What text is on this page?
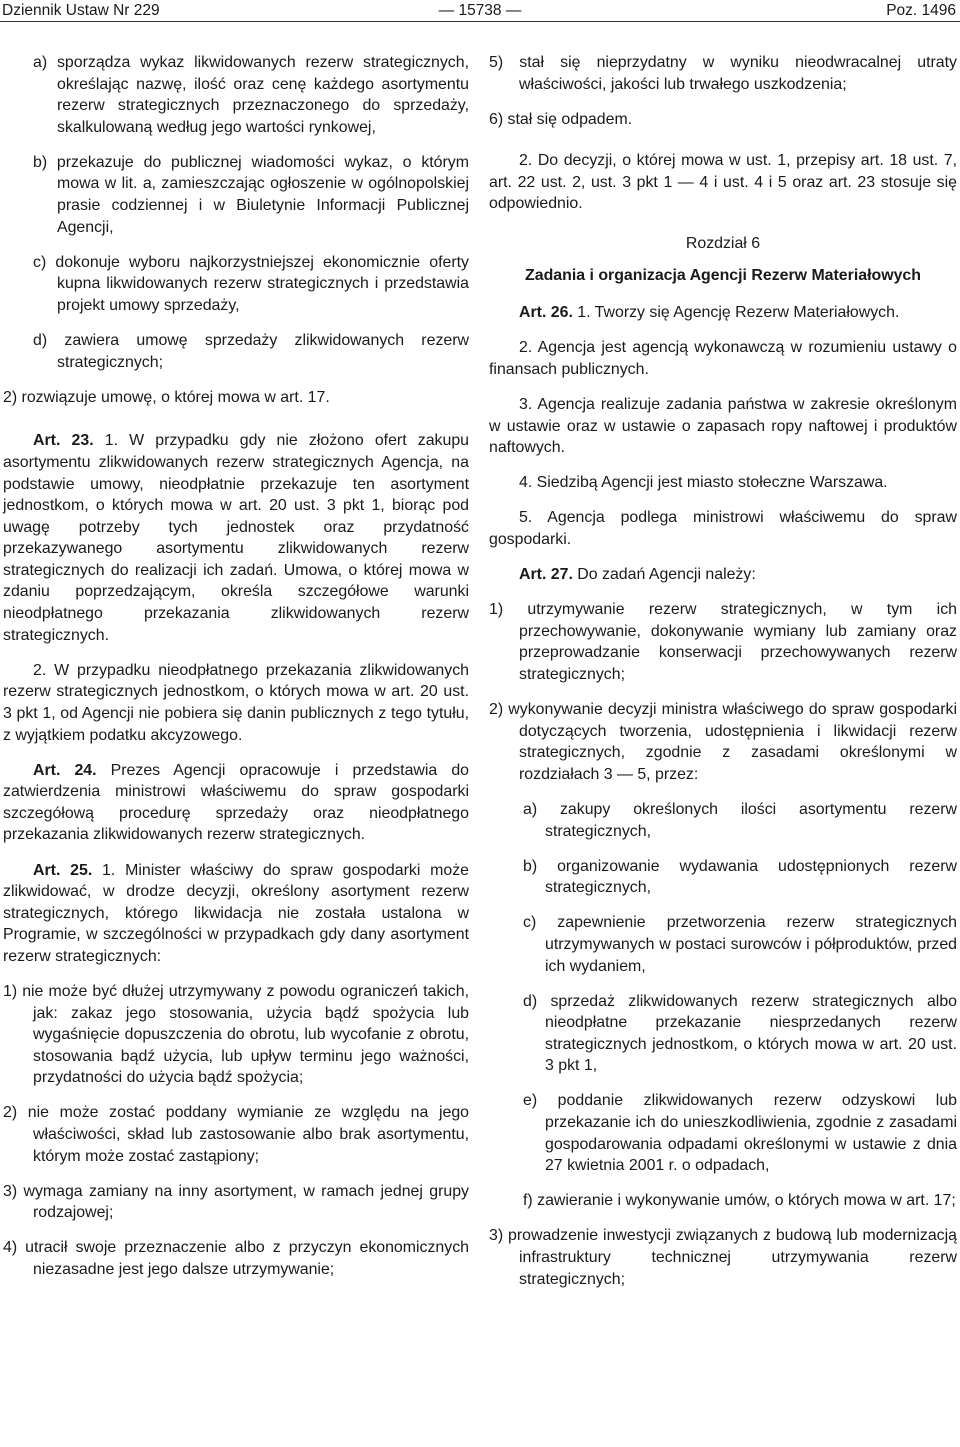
Dziennik Ustaw Nr 229	— 15738 —	Poz. 1496

a) sporządza wykaz likwidowanych rezerw strategicznych, określając nazwę, ilość oraz cenę każdego asortymentu rezerw strategicznych przeznaczonego do sprzedaży, skalkulowaną według jego wartości rynkowej,

b) przekazuje do publicznej wiadomości wykaz, o którym mowa w lit. a, zamieszczając ogłoszenie w ogólnopolskiej prasie codziennej i w Biuletynie Informacji Publicznej Agencji,

c) dokonuje wyboru najkorzystniejszej ekonomicznie oferty kupna likwidowanych rezerw strategicznych i przedstawia projekt umowy sprzedaży,

d) zawiera umowę sprzedaży zlikwidowanych rezerw strategicznych;

2) rozwiązuje umowę, o której mowa w art. 17.

Art. 23. 1. W przypadku gdy nie złożono ofert zakupu asortymentu zlikwidowanych rezerw strategicznych Agencja, na podstawie umowy, nieodpłatnie przekazuje ten asortyment jednostkom, o których mowa w art. 20 ust. 3 pkt 1, biorąc pod uwagę potrzeby tych jednostek oraz przydatność przekazywanego asortymentu zlikwidowanych rezerw strategicznych do realizacji ich zadań. Umowa, o której mowa w zdaniu poprzedzającym, określa szczegółowe warunki nieodpłatnego przekazania zlikwidowanych rezerw strategicznych.

2. W przypadku nieodpłatnego przekazania zlikwidowanych rezerw strategicznych jednostkom, o których mowa w art. 20 ust. 3 pkt 1, od Agencji nie pobiera się danin publicznych z tego tytułu, z wyjątkiem podatku akcyzowego.

Art. 24. Prezes Agencji opracowuje i przedstawia do zatwierdzenia ministrowi właściwemu do spraw gospodarki szczegółową procedurę sprzedaży oraz nieodpłatnego przekazania zlikwidowanych rezerw strategicznych.

Art. 25. 1. Minister właściwy do spraw gospodarki może zlikwidować, w drodze decyzji, określony asortyment rezerw strategicznych, którego likwidacja nie została ustalona w Programie, w szczególności w przypadkach gdy dany asortyment rezerw strategicznych:

1) nie może być dłużej utrzymywany z powodu ograniczeń takich, jak: zakaz jego stosowania, użycia bądź spożycia lub wygaśnięcie dopuszczenia do obrotu, lub wycofanie z obrotu, stosowania bądź użycia, lub upływ terminu jego ważności, przydatności do użycia bądź spożycia;

2) nie może zostać poddany wymianie ze względu na jego właściwości, skład lub zastosowanie albo brak asortymentu, którym może zostać zastąpiony;

3) wymaga zamiany na inny asortyment, w ramach jednej grupy rodzajowej;

4) utracił swoje przeznaczenie albo z przyczyn ekonomicznych niezasadne jest jego dalsze utrzymywanie;

5) stał się nieprzydatny w wyniku nieodwracalnej utraty właściwości, jakości lub trwałego uszkodzenia;

6) stał się odpadem.

2. Do decyzji, o której mowa w ust. 1, przepisy art. 18 ust. 7, art. 22 ust. 2, ust. 3 pkt 1 — 4 i ust. 4 i 5 oraz art. 23 stosuje się odpowiednio.

Rozdział 6

Zadania i organizacja Agencji Rezerw Materiałowych

Art. 26. 1. Tworzy się Agencję Rezerw Materiałowych.

2. Agencja jest agencją wykonawczą w rozumieniu ustawy o finansach publicznych.

3. Agencja realizuje zadania państwa w zakresie określonym w ustawie oraz w ustawie o zapasach ropy naftowej i produktów naftowych.

4. Siedzibą Agencji jest miasto stołeczne Warszawa.

5. Agencja podlega ministrowi właściwemu do spraw gospodarki.

Art. 27. Do zadań Agencji należy:

1) utrzymywanie rezerw strategicznych, w tym ich przechowywanie, dokonywanie wymiany lub zamiany oraz przeprowadzanie konserwacji przechowywanych rezerw strategicznych;

2) wykonywanie decyzji ministra właściwego do spraw gospodarki dotyczących tworzenia, udostępnienia i likwidacji rezerw strategicznych, zgodnie z zasadami określonymi w rozdziałach 3 — 5, przez:

a) zakupy określonych ilości asortymentu rezerw strategicznych,

b) organizowanie wydawania udostępnionych rezerw strategicznych,

c) zapewnienie przetworzenia rezerw strategicznych utrzymywanych w postaci surowców i półproduktów, przed ich wydaniem,

d) sprzedaż zlikwidowanych rezerw strategicznych albo nieodpłatne przekazanie niesprzedanych rezerw strategicznych jednostkom, o których mowa w art. 20 ust. 3 pkt 1,

e) poddanie zlikwidowanych rezerw odzyskowi lub przekazanie ich do unieszkodliwienia, zgodnie z zasadami gospodarowania odpadami określonymi w ustawie z dnia 27 kwietnia 2001 r. o odpadach,

f) zawieranie i wykonywanie umów, o których mowa w art. 17;

3) prowadzenie inwestycji związanych z budową lub modernizacją infrastruktury technicznej utrzymywania rezerw strategicznych;
